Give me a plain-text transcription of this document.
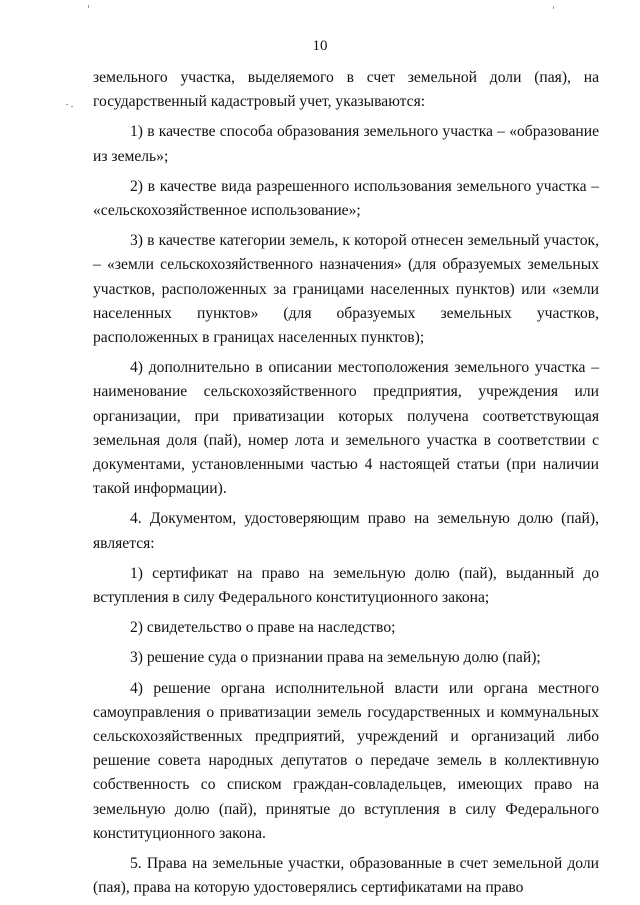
10

земельного участка, выделяемого в счет земельной доли (пая), на государственный кадастровый учет, указываются:

1) в качестве способа образования земельного участка – «образование из земель»;

2) в качестве вида разрешенного использования земельного участка – «сельскохозяйственное использование»;

3) в качестве категории земель, к которой отнесен земельный участок, – «земли сельскохозяйственного назначения» (для образуемых земельных участков, расположенных за границами населенных пунктов) или «земли населенных пунктов» (для образуемых земельных участков, расположенных в границах населенных пунктов);

4) дополнительно в описании местоположения земельного участка – наименование сельскохозяйственного предприятия, учреждения или организации, при приватизации которых получена соответствующая земельная доля (пай), номер лота и земельного участка в соответствии с документами, установленными частью 4 настоящей статьи (при наличии такой информации).

4. Документом, удостоверяющим право на земельную долю (пай), является:

1) сертификат на право на земельную долю (пай), выданный до вступления в силу Федерального конституционного закона;

2) свидетельство о праве на наследство;

3) решение суда о признании права на земельную долю (пай);

4) решение органа исполнительной власти или органа местного самоуправления о приватизации земель государственных и коммунальных сельскохозяйственных предприятий, учреждений и организаций либо решение совета народных депутатов о передаче земель в коллективную собственность со списком граждан-совладельцев, имеющих право на земельную долю (пай), принятые до вступления в силу Федерального конституционного закона.

5. Права на земельные участки, образованные в счет земельной доли (пая), права на которую удостоверялись сертификатами на право
